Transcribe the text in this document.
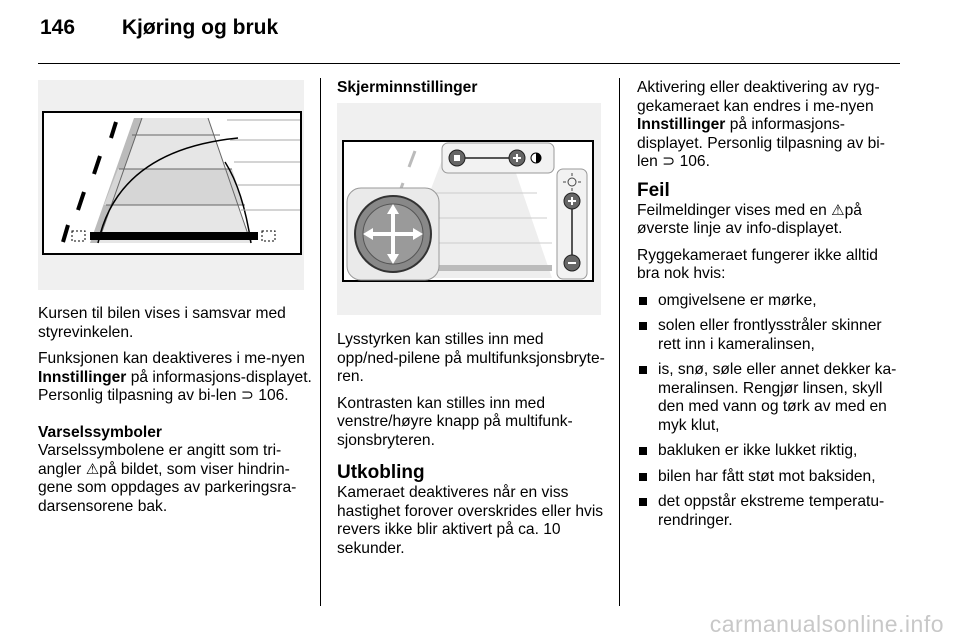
146 Kjøring og bruk

Kursen til bilen vises i samsvar med styrevinkelen.

Funksjonen kan deaktiveres i me-nyen Innstillinger på informasjons-displayet. Personlig tilpasning av bi-len ⊃ 106.

Varselssymboler

Varselssymbolene er angitt som tri-angler ⚠på bildet, som viser hindrin-gene som oppdages av parkeringsra-darsensorene bak.

Skjerminnstillinger

Lysstyrken kan stilles inn med opp/ned-pilene på multifunksjonsbryte-ren.

Kontrasten kan stilles inn med venstre/høyre knapp på multifunk-sjonsbryteren.

Utkobling

Kameraet deaktiveres når en viss hastighet forover overskrides eller hvis revers ikke blir aktivert på ca. 10 sekunder.

Aktivering eller deaktivering av ryg-gekameraet kan endres i me-nyen Innstillinger på informasjons-displayet. Personlig tilpasning av bi-len ⊃ 106.

Feil

Feilmeldinger vises med en ⚠på øverste linje av info-displayet.

Ryggekameraet fungerer ikke alltid bra nok hvis:

omgivelsene er mørke,
solen eller frontlysstråler skinner rett inn i kameralinsen,
is, snø, søle eller annet dekker ka-meralinsen. Rengjør linsen, skyll den med vann og tørk av med en myk klut,
bakluken er ikke lukket riktig,
bilen har fått støt mot baksiden,
det oppstår ekstreme temperatu-rendringer.
carmanualsonline.info
